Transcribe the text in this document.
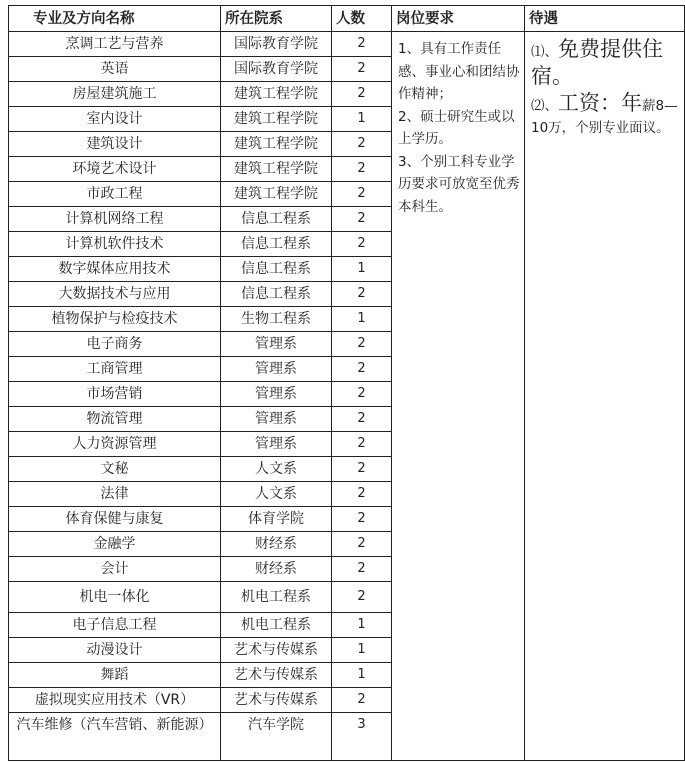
专业及方向名称	所在院系	人数	岗位要求	待遇
烹调工艺与营养	国际教育学院	2	1、具有工作责任感、事业心和团结协作精神；
2、硕士研究生或以上学历。
3、个别工科专业学历要求可放宽至优秀本科生。	⑴、免费提供住宿。
⑵、工资：年薪8—10万，个别专业面议。

英语	国际教育学院	2		
房屋建筑施工	建筑工程学院	2		
室内设计	建筑工程学院	1		
建筑设计	建筑工程学院	2		
环境艺术设计	建筑工程学院	2		
市政工程	建筑工程学院	2		
计算机网络工程	信息工程系	2		
计算机软件技术	信息工程系	2		
数字媒体应用技术	信息工程系	1		
大数据技术与应用	信息工程系	2		
植物保护与检疫技术	生物工程系	1		
电子商务	管理系	2		
工商管理	管理系	2		
市场营销	管理系	2		
物流管理	管理系	2		
人力资源管理	管理系	2		
文秘	人文系	2		
法律	人文系	2		
体育保健与康复	体育学院	2		
金融学	财经系	2		
会计	财经系	2		
机电一体化	机电工程系	2		
电子信息工程	机电工程系	1		
动漫设计	艺术与传媒系	1		
舞蹈	艺术与传媒系	1		
虚拟现实应用技术（VR）	艺术与传媒系	2		
汽车维修（汽车营销、新能源）	汽车学院	3		
